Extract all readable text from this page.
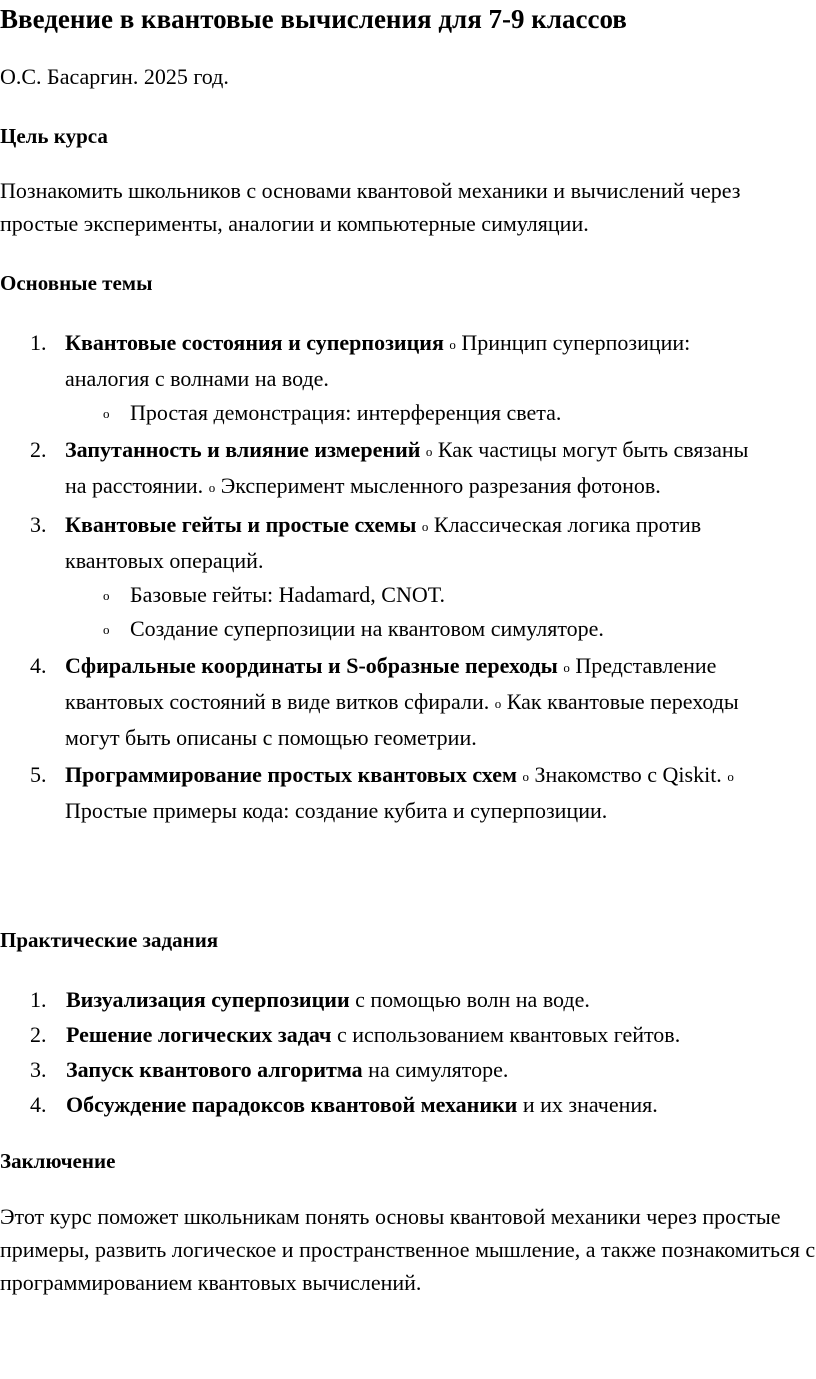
Введение в квантовые вычисления для 7-9 классов

О.С. Басаргин. 2025 год.

Цель курса

Познакомить школьников с основами квантовой механики и вычислений через простые эксперименты, аналогии и компьютерные симуляции.

Основные темы
1. Квантовые состояния и суперпозиция o Принцип суперпозиции: аналогия с волнами на воде.
o Простая демонстрация: интерференция света.
2. Запутанность и влияние измерений o Как частицы могут быть связаны на расстоянии. o Эксперимент мысленного разрезания фотонов.
3. Квантовые гейты и простые схемы o Классическая логика против квантовых операций.
o Базовые гейты: Hadamard, CNOT.
o Создание суперпозиции на квантовом симуляторе.
4. Сфиральные координаты и S-образные переходы o Представление квантовых состояний в виде витков сфирали. o Как квантовые переходы могут быть описаны с помощью геометрии.
5. Программирование простых квантовых схем o Знакомство с Qiskit. o Простые примеры кода: создание кубита и суперпозиции.
Практические задания
1. Визуализация суперпозиции с помощью волн на воде.
2. Решение логических задач с использованием квантовых гейтов.
3. Запуск квантового алгоритма на симуляторе.
4. Обсуждение парадоксов квантовой механики и их значения.
Заключение

Этот курс поможет школьникам понять основы квантовой механики через простые примеры, развить логическое и пространственное мышление, а также познакомиться с программированием квантовых вычислений.
